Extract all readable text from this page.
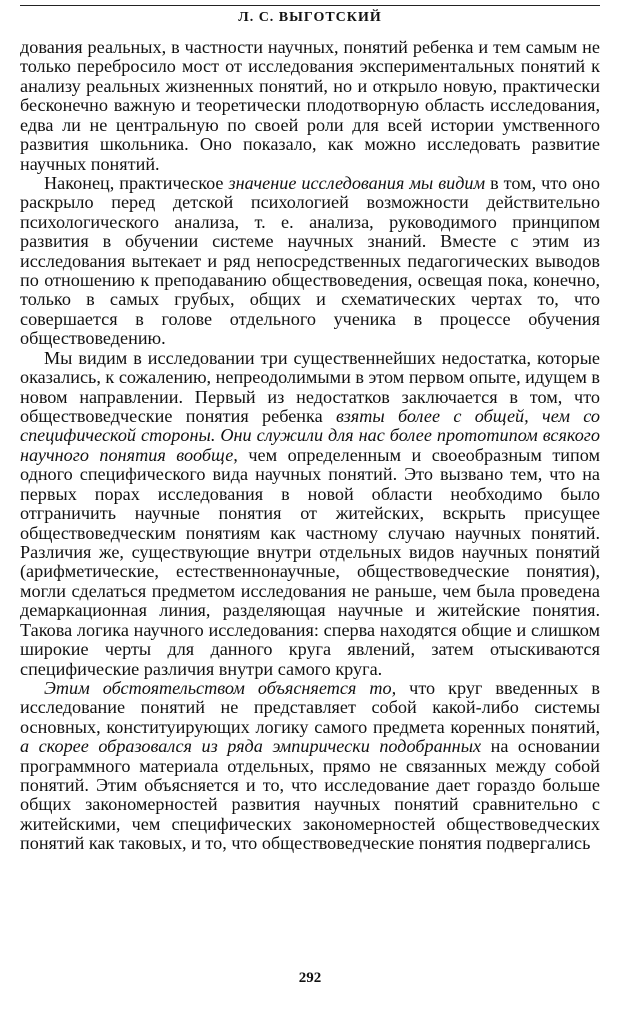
Л. С. ВЫГОТСКИЙ

дования реальных, в частности научных, понятий ребенка и тем самым не только перебросило мост от исследования экспериментальных понятий к анализу реальных жизненных понятий, но и открыло новую, практически бесконечно важную и теоретически плодотворную область исследования, едва ли не центральную по своей роли для всей истории умственного развития школьника. Оно показало, как можно исследовать развитие научных понятий.

Наконец, практическое значение исследования мы видим в том, что оно раскрыло перед детской психологией возможности действительно психологического анализа, т. е. анализа, руководимого принципом развития в обучении системе научных знаний. Вместе с этим из исследования вытекает и ряд непосредственных педагогических выводов по отношению к преподаванию обществоведения, освещая пока, конечно, только в самых грубых, общих и схематических чертах то, что совершается в голове отдельного ученика в процессе обучения обществоведению.

Мы видим в исследовании три существеннейших недостатка, которые оказались, к сожалению, непреодолимыми в этом первом опыте, идущем в новом направлении. Первый из недостатков заключается в том, что обществоведческие понятия ребенка взяты более с общей, чем со специфической стороны. Они служили для нас более прототипом всякого научного понятия вообще, чем определенным и своеобразным типом одного специфического вида научных понятий. Это вызвано тем, что на первых порах исследования в новой области необходимо было отграничить научные понятия от житейских, вскрыть присущее обществоведческим понятиям как частному случаю научных понятий. Различия же, существующие внутри отдельных видов научных понятий (арифметические, естественнонаучные, обществоведческие понятия), могли сделаться предметом исследования не раньше, чем была проведена демаркационная линия, разделяющая научные и житейские понятия. Такова логика научного исследования: сперва находятся общие и слишком широкие черты для данного круга явлений, затем отыскиваются специфические различия внутри самого круга.

Этим обстоятельством объясняется то, что круг введенных в исследование понятий не представляет собой какой-либо системы основных, конституирующих логику самого предмета коренных понятий, а скорее образовался из ряда эмпирически подобранных на основании программного материала отдельных, прямо не связанных между собой понятий. Этим объясняется и то, что исследование дает гораздо больше общих закономерностей развития научных понятий сравнительно с житейскими, чем специфических закономерностей обществоведческих понятий как таковых, и то, что обществоведческие понятия подвергались

292
